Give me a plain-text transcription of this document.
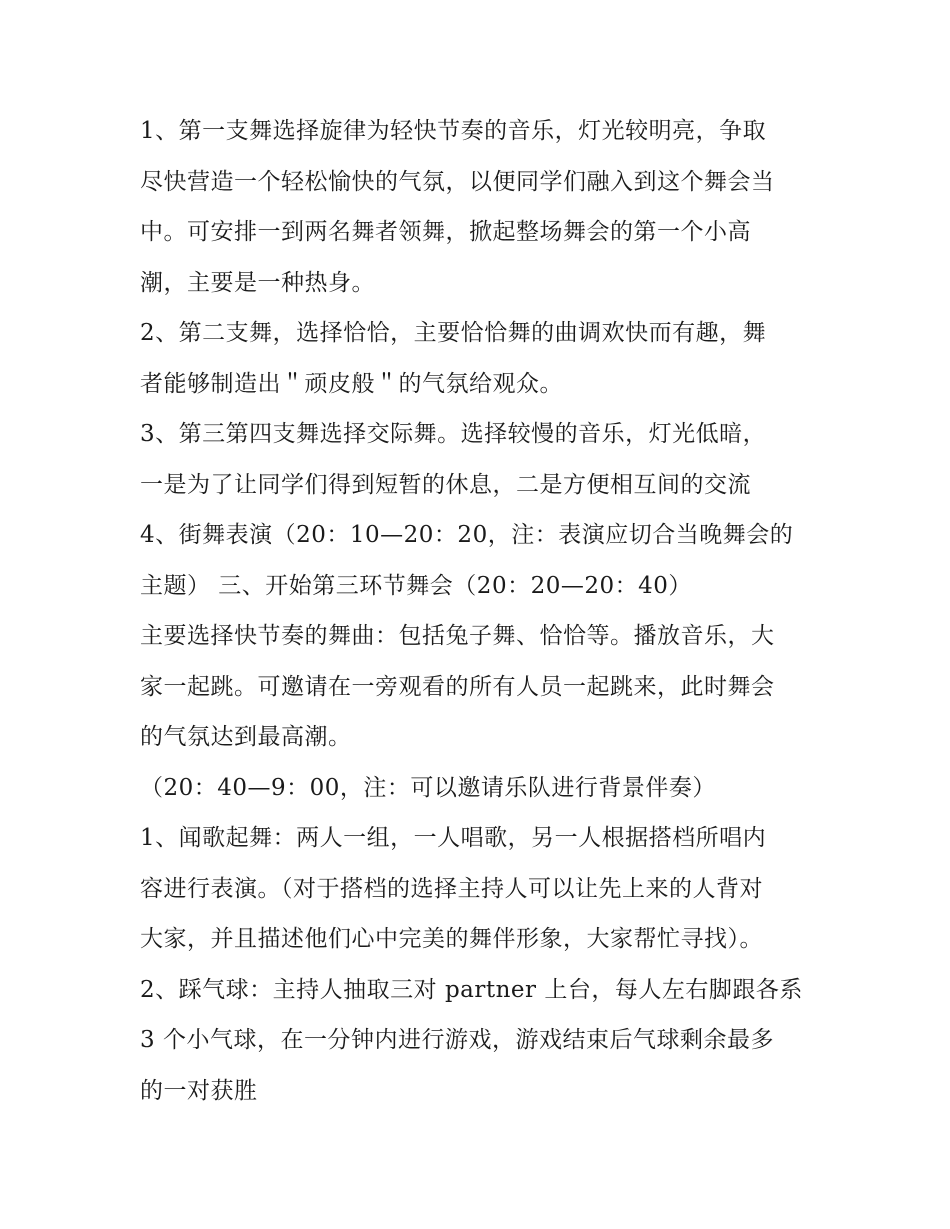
1、第一支舞选择旋律为轻快节奏的音乐，灯光较明亮，争取
尽快营造一个轻松愉快的气氛，以便同学们融入到这个舞会当
中。可安排一到两名舞者领舞，掀起整场舞会的第一个小高
潮，主要是一种热身。
2、第二支舞，选择恰恰，主要恰恰舞的曲调欢快而有趣，舞
者能够制造出＂顽皮般＂的气氛给观众。
3、第三第四支舞选择交际舞。选择较慢的音乐，灯光低暗，
一是为了让同学们得到短暂的休息，二是方便相互间的交流
4、街舞表演（20：10—20：20，注：表演应切合当晚舞会的
主题） 三、开始第三环节舞会（20：20—20：40）
主要选择快节奏的舞曲：包括兔子舞、恰恰等。播放音乐，大
家一起跳。可邀请在一旁观看的所有人员一起跳来，此时舞会
的气氛达到最高潮。
（20：40—9：00，注：可以邀请乐队进行背景伴奏）
1、闻歌起舞：两人一组，一人唱歌，另一人根据搭档所唱内
容进行表演。（对于搭档的选择主持人可以让先上来的人背对
大家，并且描述他们心中完美的舞伴形象，大家帮忙寻找）。
2、踩气球：主持人抽取三对 partner 上台，每人左右脚跟各系
3 个小气球，在一分钟内进行游戏，游戏结束后气球剩余最多
的一对获胜
